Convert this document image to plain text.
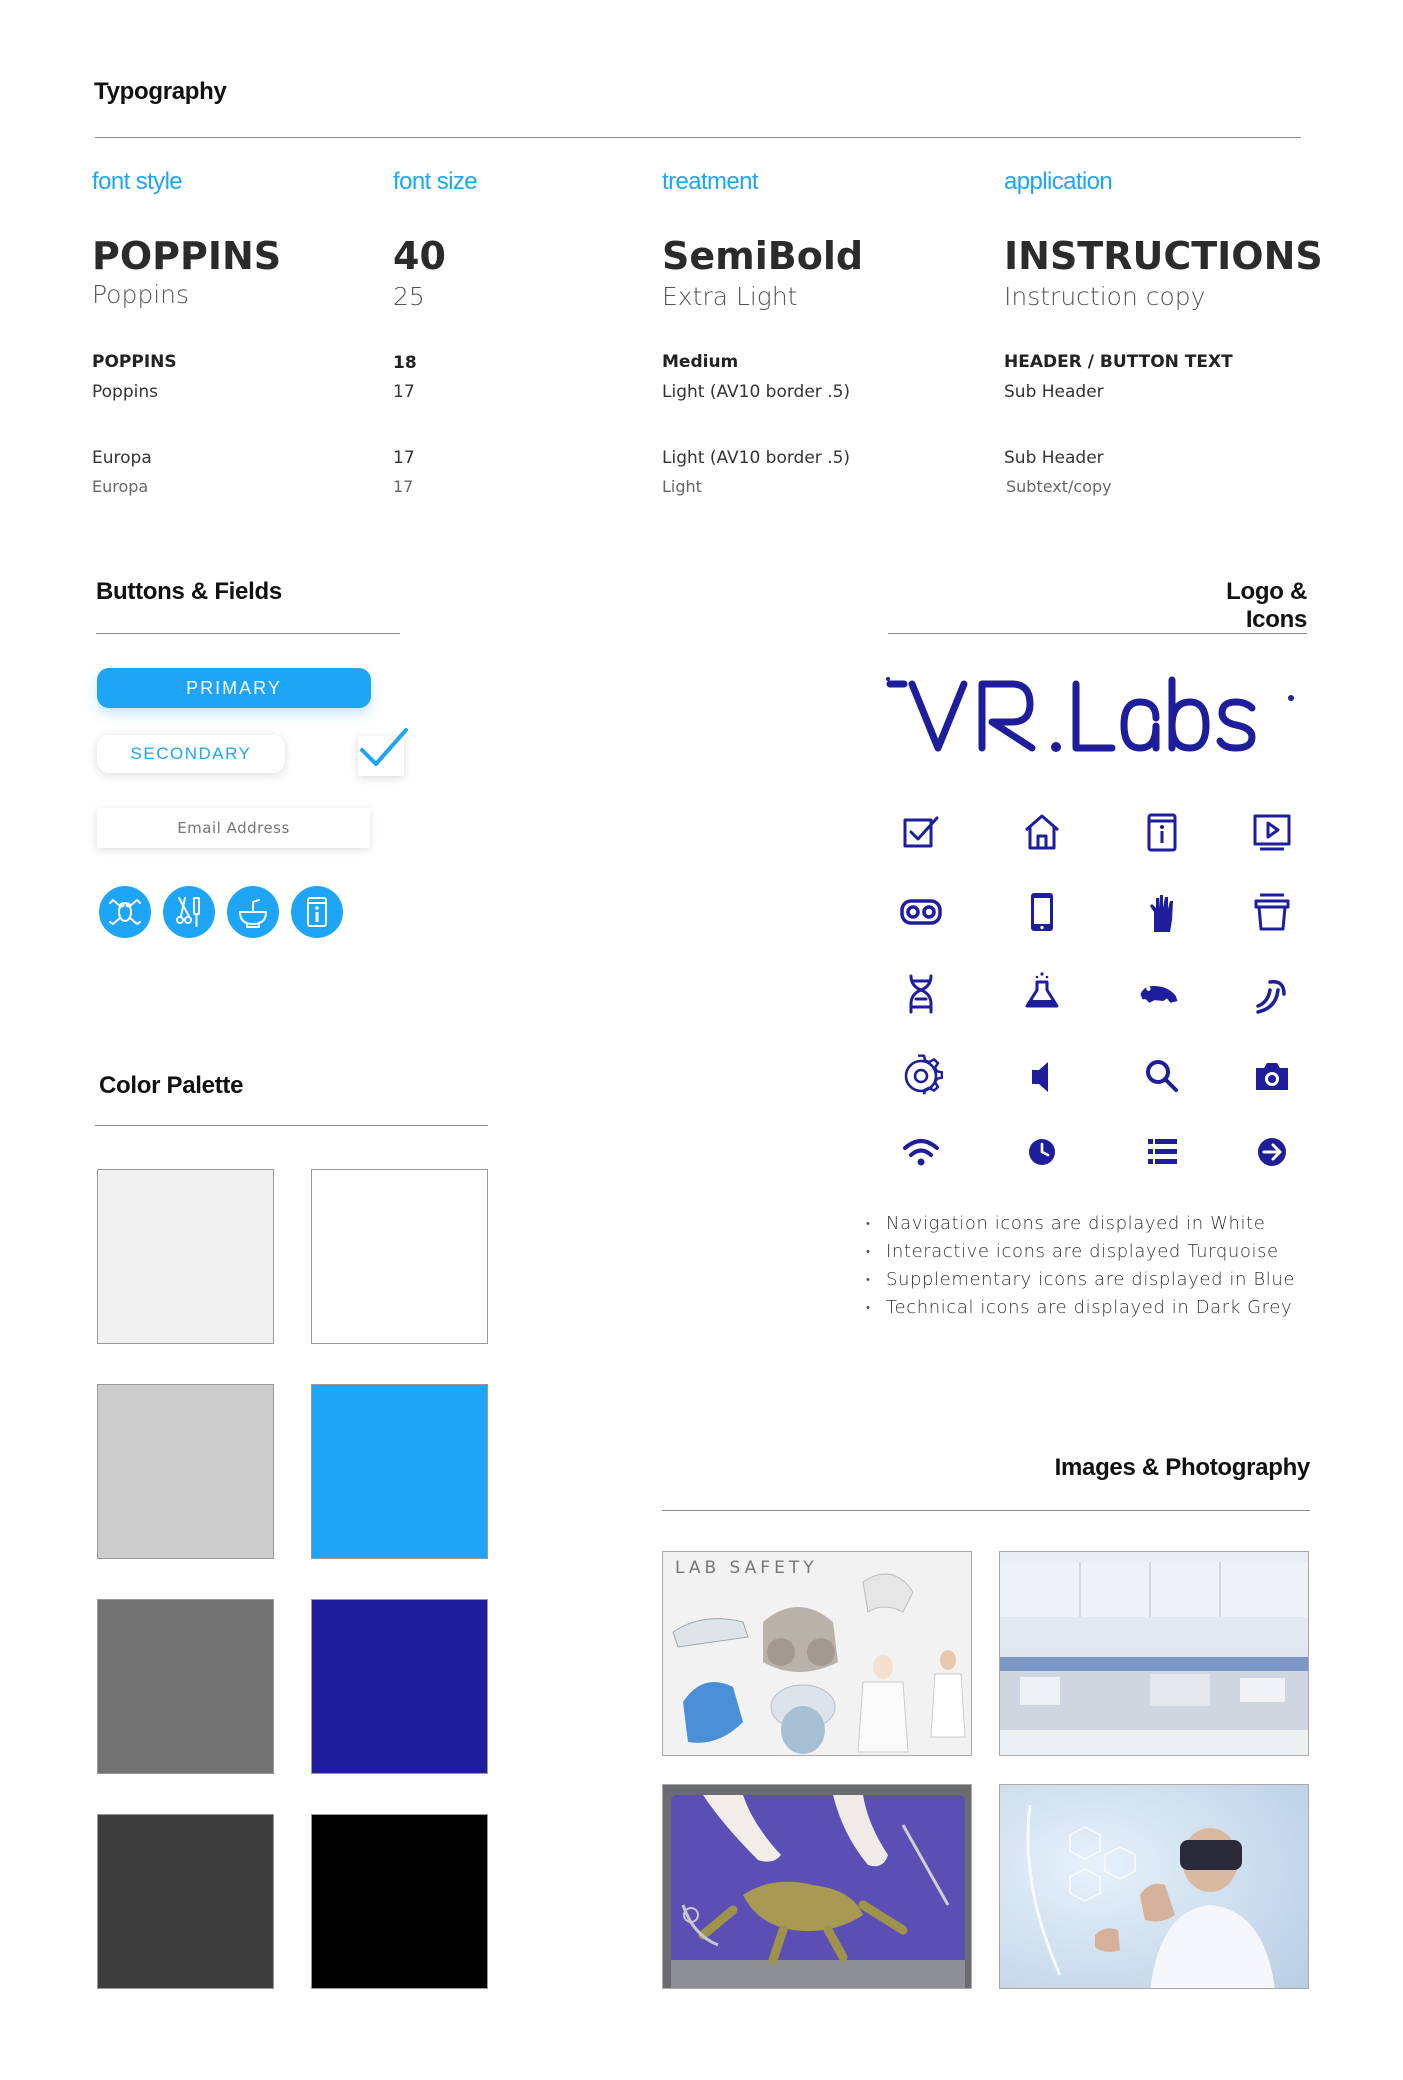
Typography
font style	font size	treatment	application
POPPINS	40	SemiBold	INSTRUCTIONS
Poppins	25	Extra Light	Instruction copy
POPPINS	18	Medium	HEADER / BUTTON TEXT
Poppins	17	Light (AV10 border .5)	Sub Header
Europa	17	Light (AV10 border .5)	Sub Header
Europa	17	Light	Subtext/copy
Buttons & Fields
PRIMARY
SECONDARY
Email Address
Logo & Icons
• Navigation icons are displayed in White
• Interactive icons are displayed Turquoise
• Supplementary icons are displayed in Blue
• Technical icons are displayed in Dark Grey
Color Palette
Images & Photography
LAB SAFETY
